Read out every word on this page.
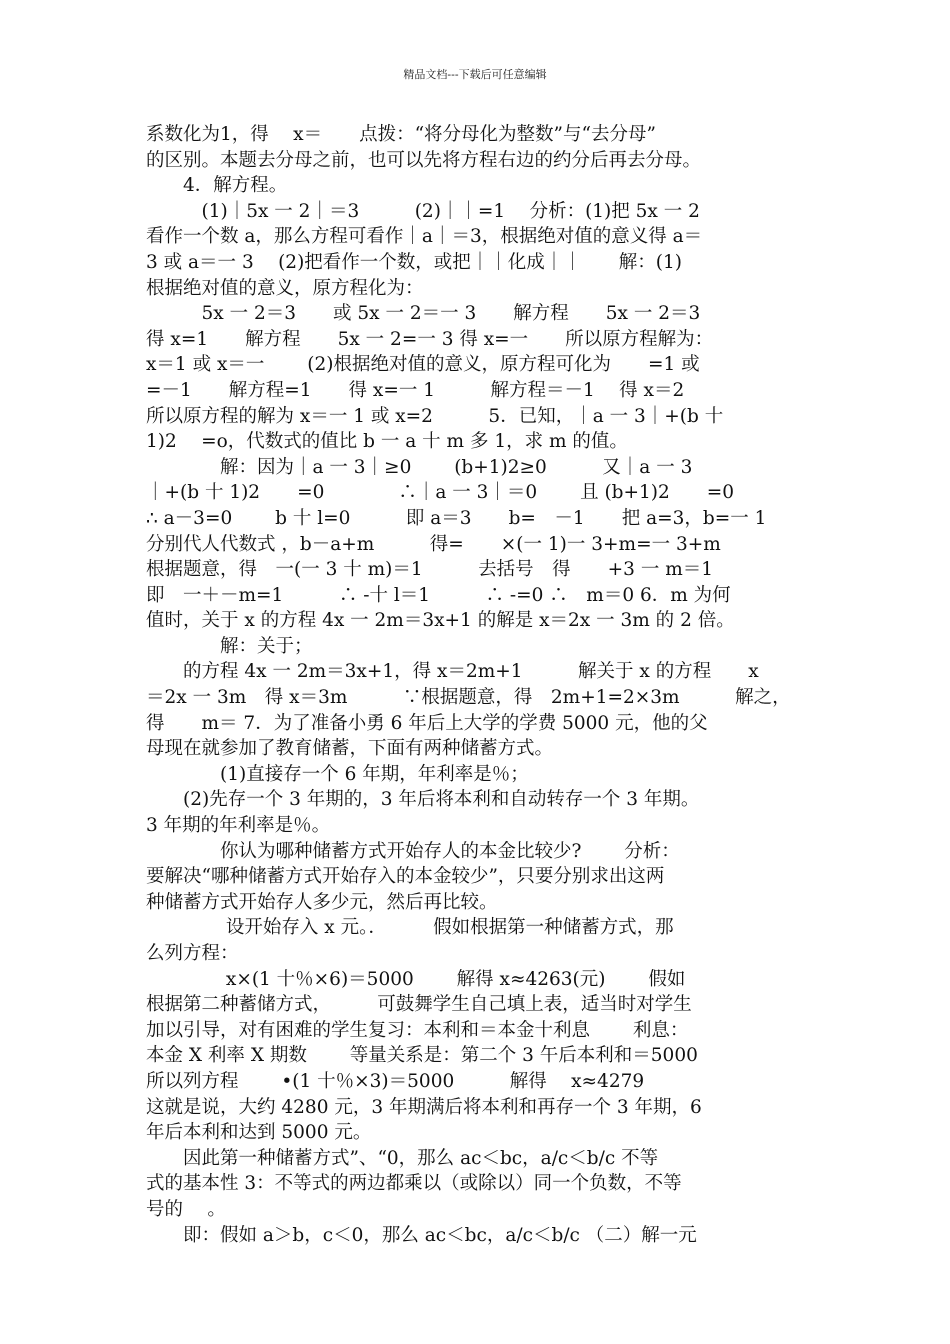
精品文档---下载后可任意编辑
系数化为1，得　 x＝　　点拨：“将分母化为整数”与“去分母”
的区别。本题去分母之前，也可以先将方程右边的约分后再去分母。
　　4．解方程。
　　　(1)｜5x 一 2｜＝3　　　(2)｜｜=1　 分析：(1)把 5x 一 2
看作一个数 a，那么方程可看作｜a｜＝3，根据绝对值的意义得 a＝
3 或 a＝一 3　 (2)把看作一个数，或把｜｜化成｜｜　　解：(1)
根据绝对值的意义，原方程化为：
　　　5x 一 2＝3　　或 5x 一 2＝一 3　　解方程　　5x 一 2＝3
得 x=1　　解方程　　5x 一 2=一 3 得 x=一　　所以原方程解为：
x＝1 或 x＝一　　 (2)根据绝对值的意义，原方程可化为　　=1 或
=－1　　解方程=1　　得 x=一 1　　　解方程＝－1　 得 x＝2
所以原方程的解为 x＝一 1 或 x=2　　　5．已知，｜a 一 3｜+(b 十
1)2　 =o，代数式的值比 b 一 a 十 m 多 1，求 m 的值。
　　　　解：因为｜a 一 3｜≥0　　 (b+1)2≥0　　　又｜a 一 3
｜+(b 十 1)2　　=0　　　　∴｜a 一 3｜＝0　　 且 (b+1)2　　=0
∴ a－3=0　　 b 十 l=0　　　即 a＝3　　b=　－1　　把 a=3，b=一 1
分别代人代数式 ，b－a+m　　　得=　　×(一 1)一 3+m=一 3+m
根据题意，得　一(一 3 十 m)＝1　　　去括号　得　　+3 一 m＝1
即　一＋－m=1　　　∴ -十 l＝1　　　∴ -=0 ∴　m＝0 6．m 为何
值时，关于 x 的方程 4x 一 2m＝3x+1 的解是 x＝2x 一 3m 的 2 倍。
　　　　解：关于；
　　的方程 4x 一 2m＝3x+1，得 x＝2m+1　　　解关于 x 的方程　　x
＝2x 一 3m　得 x＝3m　　　∵根据题意，得　2m+1=2×3m　　　解之，
得　　m＝ 7．为了准备小勇 6 年后上大学的学费 5000 元，他的父
母现在就参加了教育储蓄，下面有两种储蓄方式。
　　　　(1)直接存一个 6 年期，年利率是％；
　　(2)先存一个 3 年期的，3 年后将本利和自动转存一个 3 年期。
3 年期的年利率是％。
　　　　你认为哪种储蓄方式开始存人的本金比较少?　　 分析：
要解决“哪种储蓄方式开始存入的本金较少”，只要分别求出这两
种储蓄方式开始存人多少元，然后再比较。
　　　　 设开始存入 x 元。．　　　假如根据第一种储蓄方式，那
么列方程：
　　　　 x×(1 十％×6)＝5000　　 解得 x≈4263(元)　　 假如
根据第二种蓄储方式，　　　可鼓舞学生自己填上表，适当时对学生
加以引导，对有困难的学生复习：本利和＝本金十利息　　 利息：
本金 X 利率 X 期数　　 等量关系是：第二个 3 午后本利和＝5000
所以列方程　　 •(1 十％×3)＝5000　　　解得　 x≈4279
这就是说，大约 4280 元，3 年期满后将本利和再存一个 3 年期，6
年后本利和达到 5000 元。
　　因此第一种储蓄方式”、“0，那么 ac＜bc，a/c＜b/c 不等
式的基本性 3：不等式的两边都乘以（或除以）同一个负数，不等
号的　 。
　　即：假如 a＞b，c＜0，那么 ac＜bc，a/c＜b/c （二）解一元
